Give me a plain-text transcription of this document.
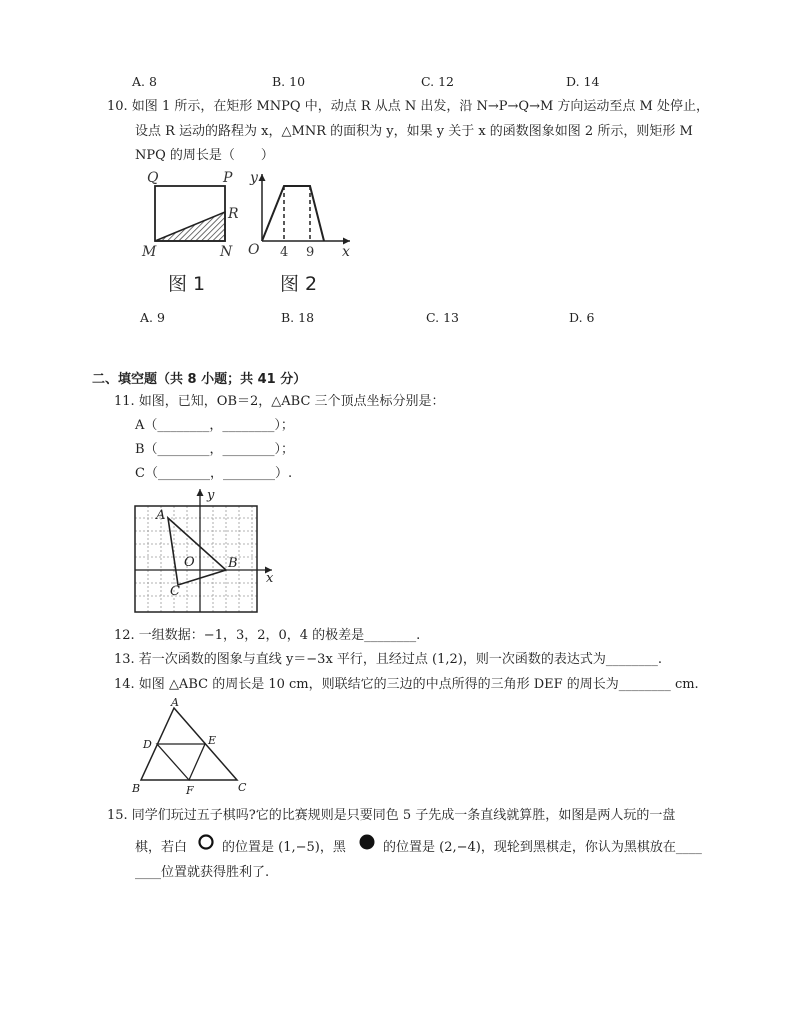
A. 8	B. 10	C. 12	D. 14
10. 如图 1 所示，在矩形 MNPQ 中，动点 R 从点 N 出发，沿 N→P→Q→M 方向运动至点 M 处停止，
设点 R 运动的路程为 x，△MNR 的面积为 y，如果 y 关于 x 的函数图象如图 2 所示，则矩形 M
NPQ 的周长是（　　）
Q	P
R
M	N
图 1
y
O 4 9 x
图 2
A. 9	B. 18	C. 13	D. 6
二、填空题（共 8 小题；共 41 分）
11. 如图，已知，OB＝2，△ABC 三个顶点坐标分别是：
A（________，________）；
B（________，________）；
C（________，________）.
A
O	B
C
x
y
12. 一组数据：−1，3，2，0，4 的极差是________.
13. 若一次函数的图象与直线 y＝−3x 平行，且经过点 (1,2)，则一次函数的表达式为________.
14. 如图 △ABC 的周长是 10 cm，则联结它的三边的中点所得的三角形 DEF 的周长为________ cm.
A
D	E
B	F	C
15. 同学们玩过五子棋吗?它的比赛规则是只要同色 5 子先成一条直线就算胜，如图是两人玩的一盘
棋，若白	的位置是 (1,−5)，黑	的位置是 (2,−4)，现轮到黑棋走，你认为黑棋放在____
____位置就获得胜利了.
